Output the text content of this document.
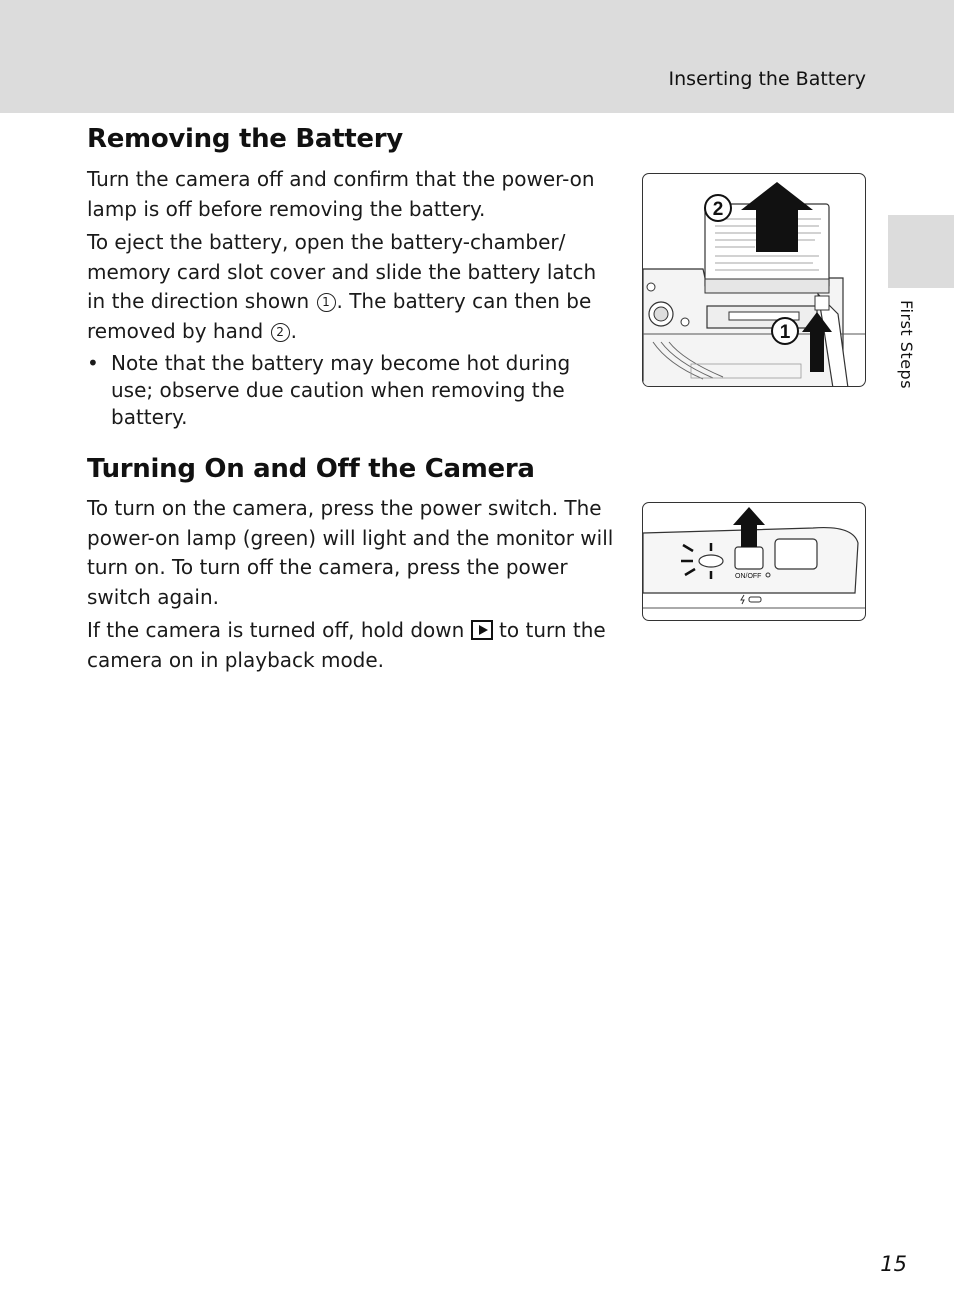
Inserting the Battery
First Steps
Removing the Battery

Turn the camera off and confirm that the power-on lamp is off before removing the battery.

To eject the battery, open the battery-chamber/ memory card slot cover and slide the battery latch in the direction shown 1 . The battery can then be removed by hand 2 .

• Note that the battery may become hot during use; observe due caution when removing the battery.
2
1
Turning On and Off the Camera

To turn on the camera, press the power switch. The power-on lamp (green) will light and the monitor will turn on. To turn off the camera, press the power switch again.

If the camera is turned off, hold down  to turn the camera on in playback mode.

ON/OFF
15
